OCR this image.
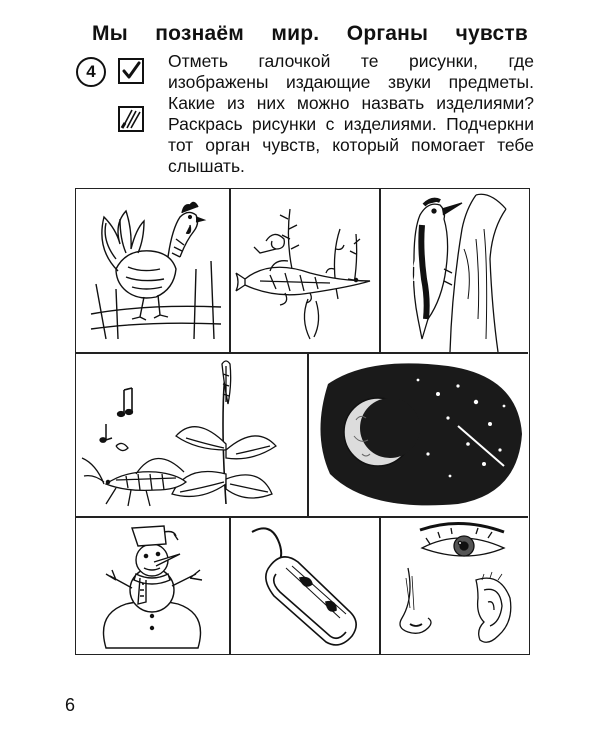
Мы познаём мир. Органы чувств
4
Отметь галочкой те рисунки, где изображены издающие звуки предметы. Какие из них можно назвать изделиями? Раскрась рисунки с изделиями. Подчеркни тот орган чувств, который помогает тебе слышать.
6
